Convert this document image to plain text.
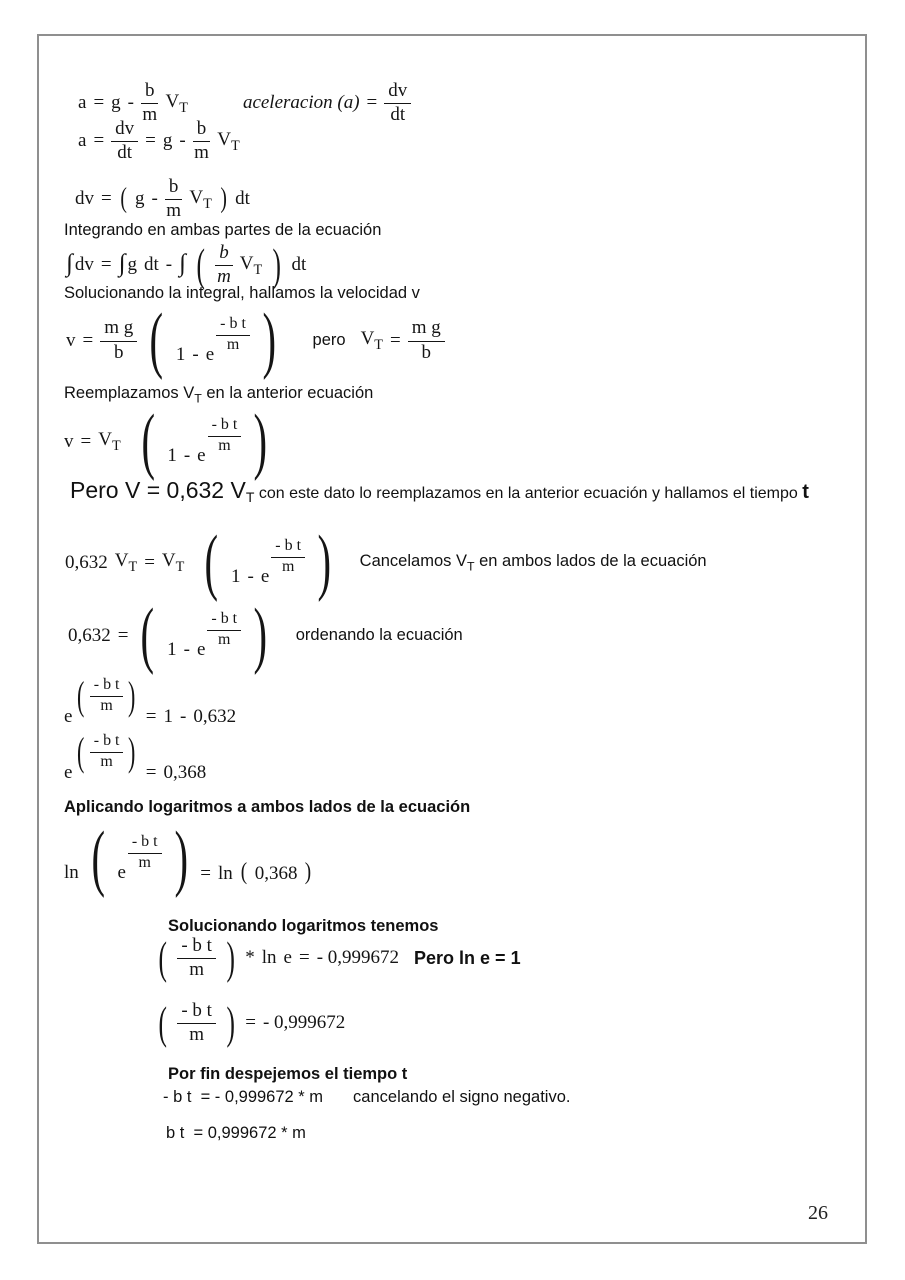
$a = g - \frac{b}{m} V_T$	aceleracion $(a) = \frac{dv}{dt}$
$a = \frac{dv}{dt} = g - \frac{b}{m} V_T$
dv = ( g - $\frac{b}{m} V_T$ ) dt
Integrando en ambas partes de la ecuación
∫ dv = ∫ g dt - ∫ ( $\frac{b}{m} V_T$ ) dt
Solucionando la integral, hallamos la velocidad v
$v = \frac{\text{m g}}{b}$ ( 1 - e
$\frac{\text{- b t}}{m}$ ) pero $V_T = \frac{\text{m g}}{b}$
Reemplazamos $V_T$ en la anterior ecuación
$v = V_T$ ( 1 - e
$\frac{\text{- b t}}{m}$ )
Pero V = 0,632 $V_T$ con este dato lo reemplazamos en la anterior ecuación y hallamos el tiempo t
0,632 $V_T = V_T$ ( 1 - e
$\frac{\text{- b t}}{m}$ ) Cancelamos $V_T$ en ambos lados de la ecuación
0,632 = ( 1 - e
$\frac{\text{- b t}}{m}$ ) ordenando la ecuación
e ( $\frac{\text{- b t}}{m}$ ) = 1 - 0,632
e ( $\frac{\text{- b t}}{m}$ ) = 0,368
Aplicando logaritmos a ambos lados de la ecuación
ln ( e
$\frac{\text{- b t}}{m}$ ) = ln ( 0,368 )
Solucionando logaritmos tenemos
( $\frac{\text{- b t}}{m}$ ) * ln e = - 0,999672 Pero ln e = 1
( $\frac{\text{- b t}}{m}$ ) = - 0,999672
Por fin despejemos el tiempo t
- b t  = - 0,999672 * m cancelando el signo negativo.
b t  = 0,999672 * m
26
